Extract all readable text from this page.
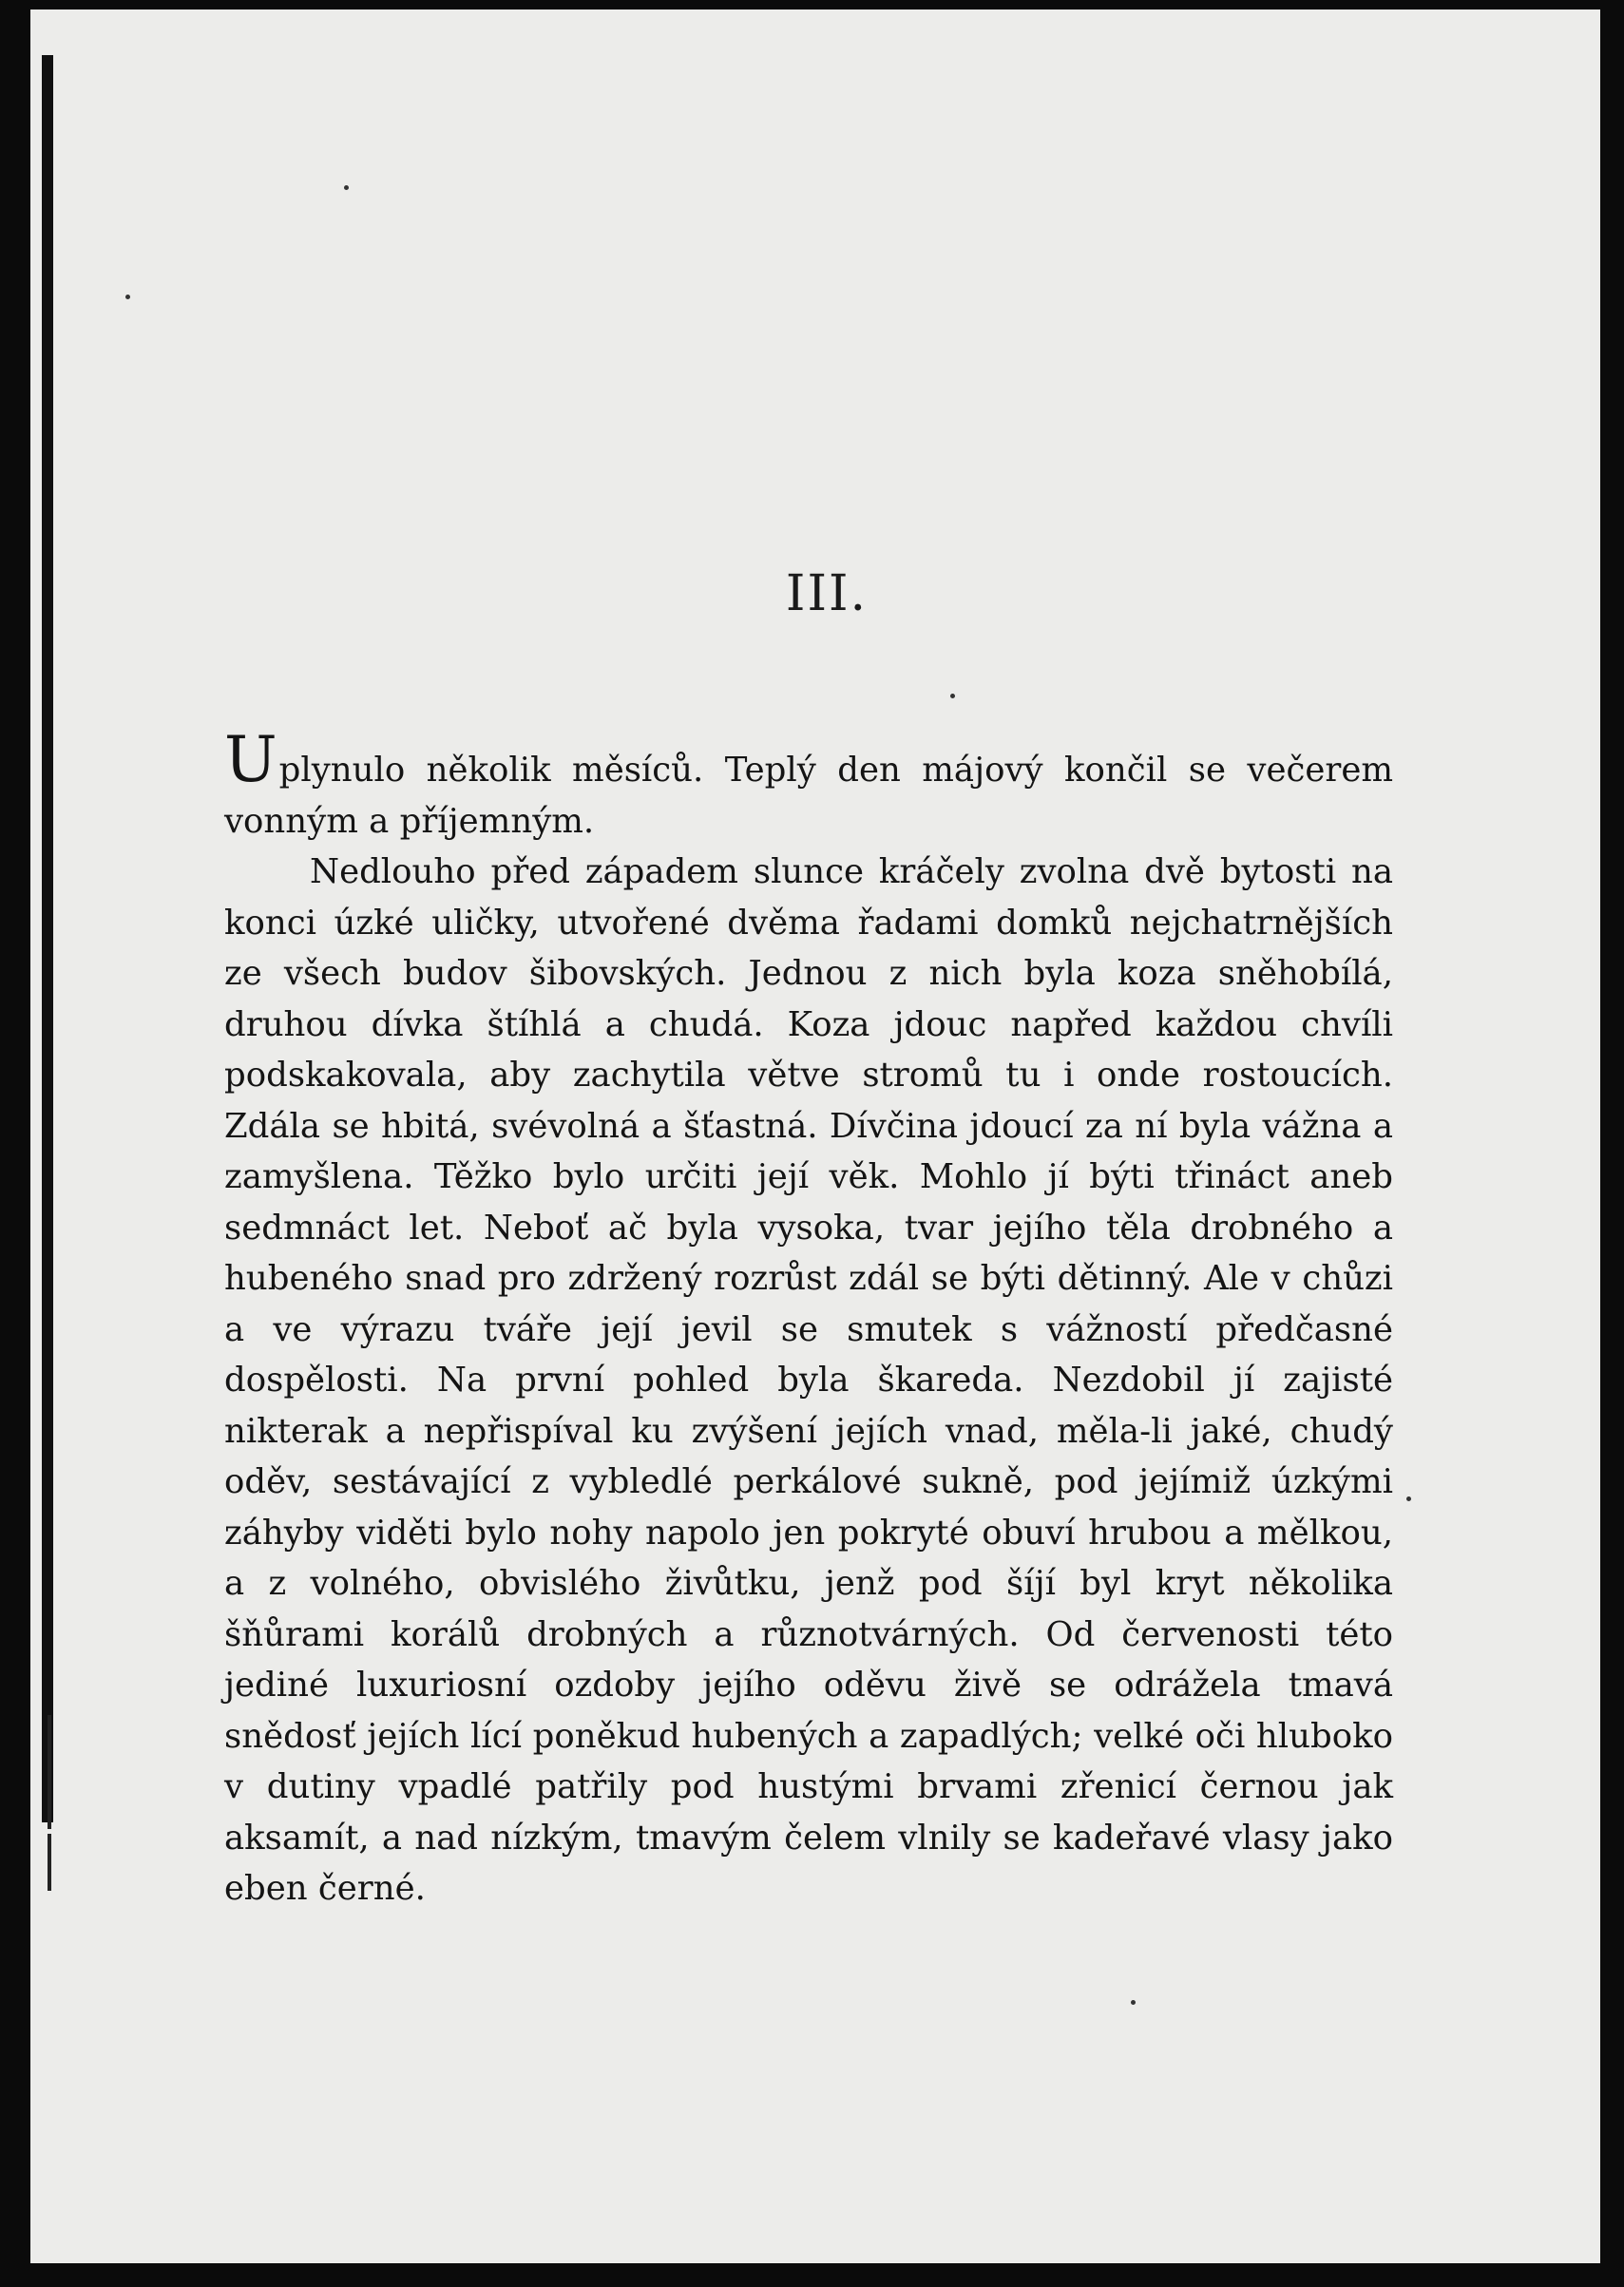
III.

Uplynulo několik měsíců. Teplý den májový končil se večerem vonným a příjemným.

Nedlouho před západem slunce kráčely zvolna dvě bytosti na konci úzké uličky, utvořené dvěma řadami domků nejchatrnějších ze všech budov šibovských. Jednou z nich byla koza sněhobílá, druhou dívka štíhlá a chudá. Koza jdouc napřed každou chvíli podskakovala, aby zachytila větve stromů tu i onde rostoucích. Zdála se hbitá, svévolná a šťastná. Dívčina jdoucí za ní byla vážna a zamyšlena. Těžko bylo určiti její věk. Mohlo jí býti třináct aneb sedmnáct let. Neboť ač byla vysoka, tvar jejího těla drobného a hubeného snad pro zdržený rozrůst zdál se býti dětinný. Ale v chůzi a ve výrazu tváře její jevil se smutek s vážností předčasné dospělosti. Na první pohled byla škareda. Nezdobil jí zajisté nikterak a nepřispíval ku zvýšení jejích vnad, měla-li jaké, chudý oděv, sestávající z vybledlé perkálové sukně, pod jejímiž úzkými záhyby viděti bylo nohy napolo jen pokryté obuví hrubou a mělkou, a z volného, obvislého živůtku, jenž pod šíjí byl kryt několika šňůrami korálů drobných a různotvárných. Od červenosti této jediné luxuriosní ozdoby jejího oděvu živě se odrážela tmavá snědosť jejích lící poněkud hubených a zapadlých; velké oči hluboko v dutiny vpadlé patřily pod hustými brvami zřenicí černou jak aksamít, a nad nízkým, tmavým čelem vlnily se kadeřavé vlasy jako eben černé.
